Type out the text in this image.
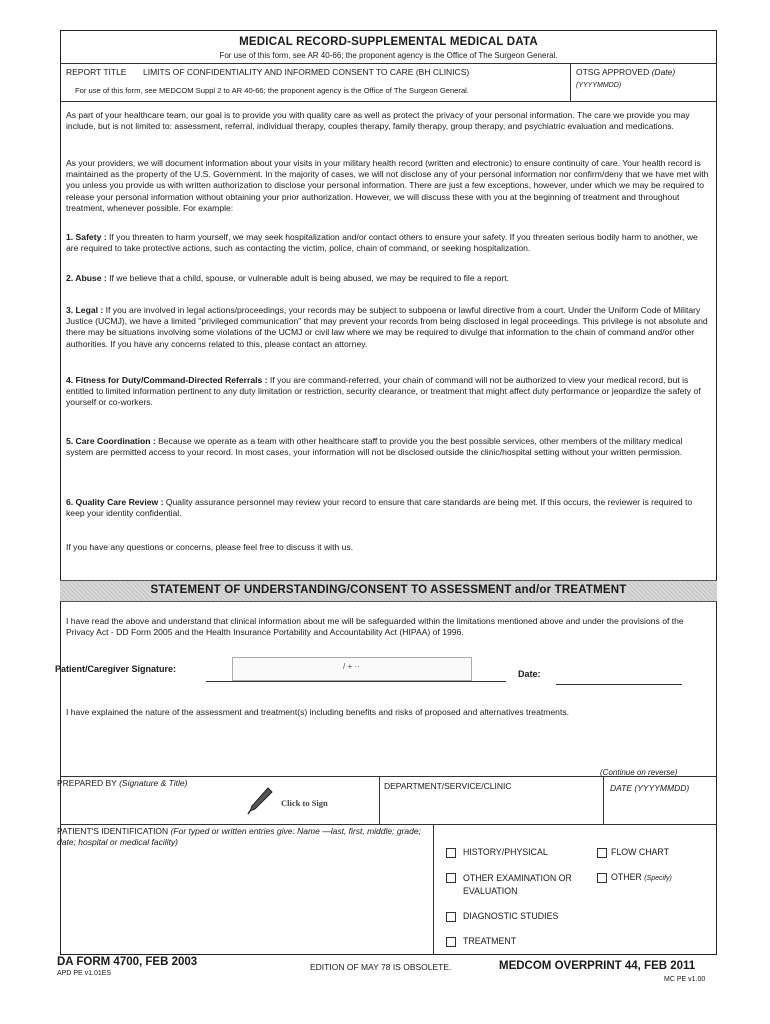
MEDICAL RECORD-SUPPLEMENTAL MEDICAL DATA
For use of this form, see AR 40-66; the proponent agency is the Office of The Surgeon General.
REPORT TITLE LIMITS OF CONFIDENTIALITY AND INFORMED CONSENT TO CARE (BH CLINICS)	OTSG APPROVED (Date)
(YYYYMMDD)
For use of this form, see MEDCOM Suppl 2 to AR 40-66; the proponent agency is the Office of The Surgeon General.
As part of your healthcare team, our goal is to provide you with quality care as well as protect the privacy of your personal information. The care we provide you may include, but is not limited to: assessment, referral, individual therapy, couples therapy, family therapy, group therapy, and psychiatric evaluation and medications.
As your providers, we will document information about your visits in your military health record (written and electronic) to ensure continuity of care. Your health record is maintained as the property of the U.S. Government. In the majority of cases, we will not disclose any of your personal information nor confirm/deny that we have met with you unless you provide us with written authorization to disclose your personal information. There are just a few exceptions, however, under which we may be required to release your personal information without obtaining your prior authorization. However, we will discuss these with you at the beginning of treatment and throughout treatment, whenever possible. For example:
1. Safety : If you threaten to harm yourself, we may seek hospitalization and/or contact others to ensure your safety. If you threaten serious bodily harm to another, we are required to take protective actions, such as contacting the victim, police, chain of command, or seeking hospitalization.
2. Abuse : If we believe that a child, spouse, or vulnerable adult is being abused, we may be required to file a report.
3. Legal : If you are involved in legal actions/proceedings, your records may be subject to subpoena or lawful directive from a court. Under the Uniform Code of Military Justice (UCMJ), we have a limited "privileged communication" that may prevent your records from being disclosed in legal proceedings. This privilege is not absolute and there may be situations involving some violations of the UCMJ or civil law where we may be required to divulge that information to the chain of command and/or other authorities. If you have any concerns related to this, please contact an attorney.
4. Fitness for Duty/Command-Directed Referrals : If you are command-referred, your chain of command will not be authorized to view your medical record, but is entitled to limited information pertinent to any duty limitation or restriction, security clearance, or treatment that might affect duty performance or jeopardize the safety of yourself or co-workers.
5. Care Coordination : Because we operate as a team with other healthcare staff to provide you the best possible services, other members of the military medical system are permitted access to your record. In most cases, your information will not be disclosed outside the clinic/hospital setting without your written permission.
6. Quality Care Review : Quality assurance personnel may review your record to ensure that care standards are being met. If this occurs, the reviewer is required to keep your identity confidential.
If you have any questions or concerns, please feel free to discuss it with us.
STATEMENT OF UNDERSTANDING/CONSENT TO ASSESSMENT and/or TREATMENT
I have read the above and understand that clinical information about me will be safeguarded within the limitations mentioned above and under the provisions of the Privacy Act - DD Form 2005 and the Health Insurance Portability and Accountability Act (HIPAA) of 1996.
Patient/Caregiver Signature:	/ + ··
Date:
I have explained the nature of the assessment and treatment(s) including benefits and risks of proposed and alternatives treatments.
(Continue on reverse)
PREPARED BY (Signature & Title)	DEPARTMENT/SERVICE/CLINIC	DATE (YYYYMMDD)
Click to Sign
PATIENT'S IDENTIFICATION (For typed or written entries give: Name —last, first, middle; grade; date; hospital or medical facility)
HISTORY/PHYSICAL
OTHER EXAMINATION OR EVALUATION
DIAGNOSTIC STUDIES
TREATMENT
FLOW CHART
OTHER (Specify)
DA FORM 4700, FEB 2003
APD PE v1.01ES
EDITION OF MAY 78 IS OBSOLETE.	MEDCOM OVERPRINT 44, FEB 2011
MC PE v1.00
